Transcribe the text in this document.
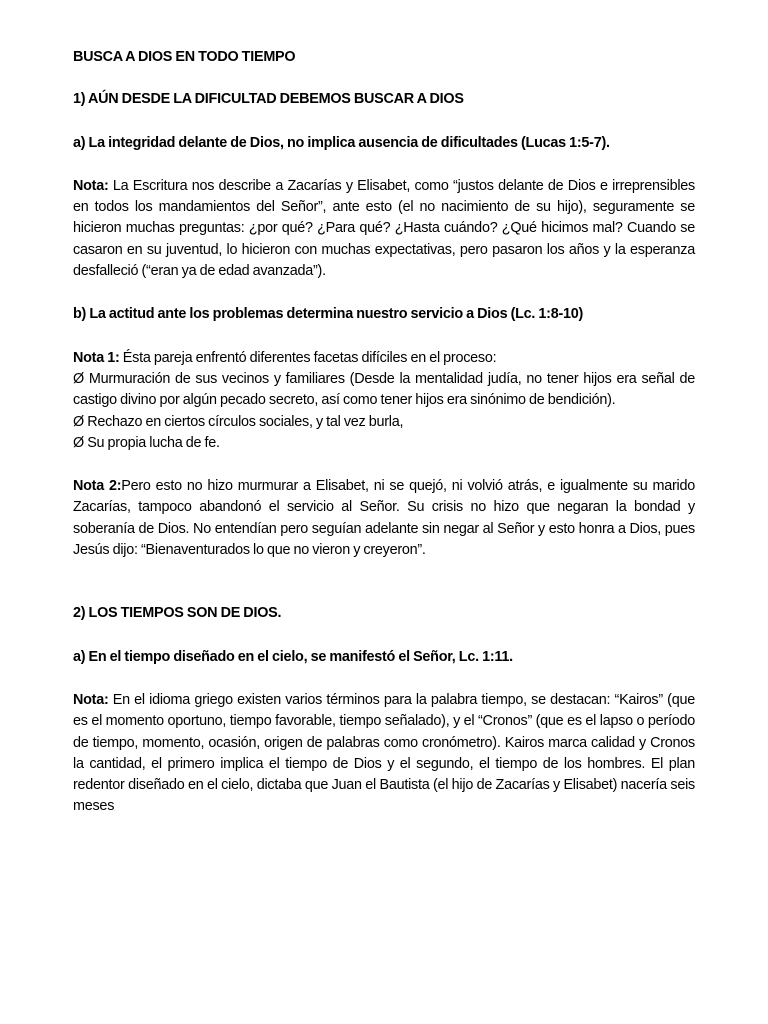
BUSCA A DIOS EN TODO TIEMPO

1) AÚN DESDE LA DIFICULTAD DEBEMOS BUSCAR A DIOS

a) La integridad delante de Dios, no implica ausencia de dificultades (Lucas 1:5-7).

Nota: La Escritura nos describe a Zacarías y Elisabet, como “justos delante de Dios e irreprensibles en todos los mandamientos del Señor”, ante esto (el no nacimiento de su hijo), seguramente se hicieron muchas preguntas: ¿por qué? ¿Para qué? ¿Hasta cuándo? ¿Qué hicimos mal? Cuando se casaron en su juventud, lo hicieron con muchas expectativas, pero pasaron los años y la esperanza desfalleció (“eran ya de edad avanzada”).

b) La actitud ante los problemas determina nuestro servicio a Dios (Lc. 1:8-10)

Nota 1: Ésta pareja enfrentó diferentes facetas difíciles en el proceso:

Ø Murmuración de sus vecinos y familiares (Desde la mentalidad judía, no tener hijos era señal de castigo divino por algún pecado secreto, así como tener hijos era sinónimo de bendición).

Ø Rechazo en ciertos círculos sociales, y tal vez burla,

Ø Su propia lucha de fe.

Nota 2:Pero esto no hizo murmurar a Elisabet, ni se quejó, ni volvió atrás, e igualmente su marido Zacarías, tampoco abandonó el servicio al Señor. Su crisis no hizo que negaran la bondad y soberanía de Dios. No entendían pero seguían adelante sin negar al Señor y esto honra a Dios, pues Jesús dijo: “Bienaventurados lo que no vieron y creyeron”.

2) LOS TIEMPOS SON DE DIOS.

a) En el tiempo diseñado en el cielo, se manifestó el Señor, Lc. 1:11.

Nota: En el idioma griego existen varios términos para la palabra tiempo, se destacan: “Kairos” (que es el momento oportuno, tiempo favorable, tiempo señalado), y el “Cronos” (que es el lapso o período de tiempo, momento, ocasión, origen de palabras como cronómetro). Kairos marca calidad y Cronos la cantidad, el primero implica el tiempo de Dios y el segundo, el tiempo de los hombres. El plan redentor diseñado en el cielo, dictaba que Juan el Bautista (el hijo de Zacarías y Elisabet) nacería seis meses
